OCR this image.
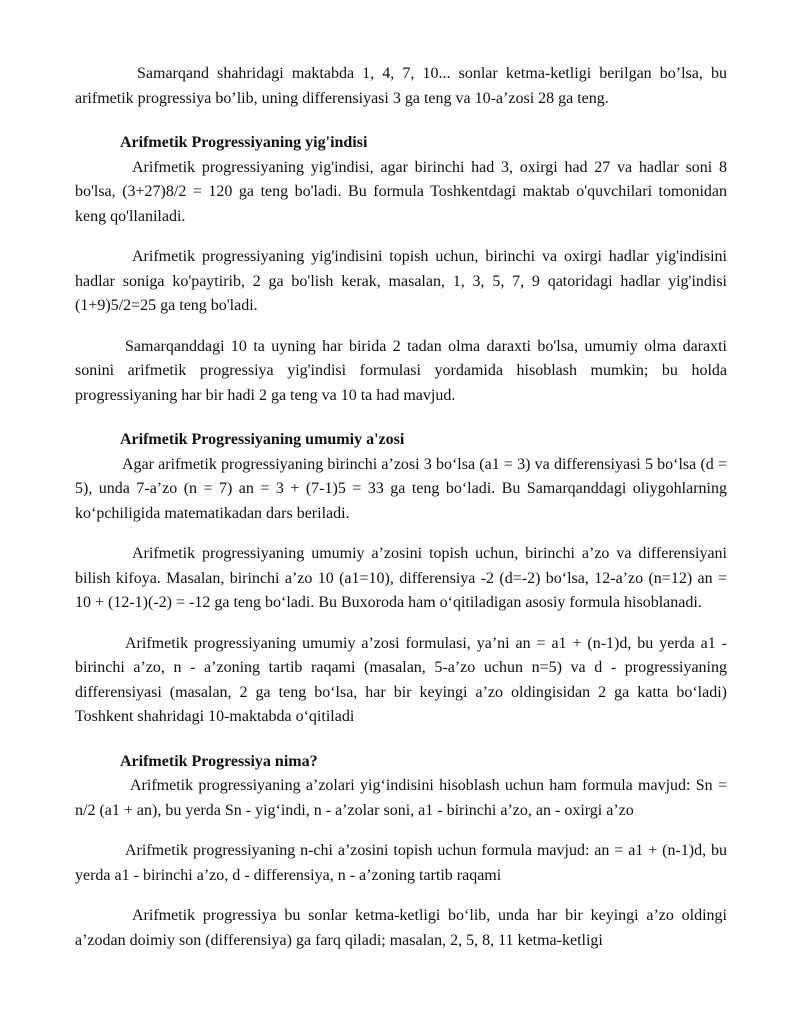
Samarqand shahridagi maktabda 1, 4, 7, 10... sonlar ketma-ketligi berilgan bo’lsa, bu arifmetik progressiya bo’lib, uning differensiyasi 3 ga teng va 10-a’zosi 28 ga teng.

Arifmetik Progressiyaning yig'indisi

Arifmetik progressiyaning yig'indisi, agar birinchi had 3, oxirgi had 27 va hadlar soni 8 bo'lsa, (3+27)8/2 = 120 ga teng bo'ladi. Bu formula Toshkentdagi maktab o'quvchilari tomonidan keng qo'llaniladi.

Arifmetik progressiyaning yig'indisini topish uchun, birinchi va oxirgi hadlar yig'indisini hadlar soniga ko'paytirib, 2 ga bo'lish kerak, masalan, 1, 3, 5, 7, 9 qatoridagi hadlar yig'indisi (1+9)5/2=25 ga teng bo'ladi.

Samarqanddagi 10 ta uyning har birida 2 tadan olma daraxti bo'lsa, umumiy olma daraxti sonini arifmetik progressiya yig'indisi formulasi yordamida hisoblash mumkin; bu holda progressiyaning har bir hadi 2 ga teng va 10 ta had mavjud.

Arifmetik Progressiyaning umumiy a'zosi

Agar arifmetik progressiyaning birinchi a’zosi 3 bo‘lsa (a1 = 3) va differensiyasi 5 bo‘lsa (d = 5), unda 7-a’zo (n = 7) an = 3 + (7-1)5 = 33 ga teng bo‘ladi. Bu Samarqanddagi oliygohlarning ko‘pchiligida matematikadan dars beriladi.

Arifmetik progressiyaning umumiy a’zosini topish uchun, birinchi a’zo va differensiyani bilish kifoya. Masalan, birinchi a’zo 10 (a1=10), differensiya -2 (d=-2) bo‘lsa, 12-a’zo (n=12) an = 10 + (12-1)(-2) = -12 ga teng bo‘ladi. Bu Buxoroda ham o‘qitiladigan asosiy formula hisoblanadi.

Arifmetik progressiyaning umumiy a’zosi formulasi, ya’ni an = a1 + (n-1)d, bu yerda a1 - birinchi a’zo, n - a’zoning tartib raqami (masalan, 5-a’zo uchun n=5) va d - progressiyaning differensiyasi (masalan, 2 ga teng bo‘lsa, har bir keyingi a’zo oldingisidan 2 ga katta bo‘ladi) Toshkent shahridagi 10-maktabda o‘qitiladi

Arifmetik Progressiya nima?

Arifmetik progressiyaning a’zolari yig‘indisini hisoblash uchun ham formula mavjud: Sn = n/2 (a1 + an), bu yerda Sn - yig‘indi, n - a’zolar soni, a1 - birinchi a’zo, an - oxirgi a’zo

Arifmetik progressiyaning n-chi a’zosini topish uchun formula mavjud: an = a1 + (n-1)d, bu yerda a1 - birinchi a’zo, d - differensiya, n - a’zoning tartib raqami

Arifmetik progressiya bu sonlar ketma-ketligi bo‘lib, unda har bir keyingi a’zo oldingi a’zodan doimiy son (differensiya) ga farq qiladi; masalan, 2, 5, 8, 11 ketma-ketligi
